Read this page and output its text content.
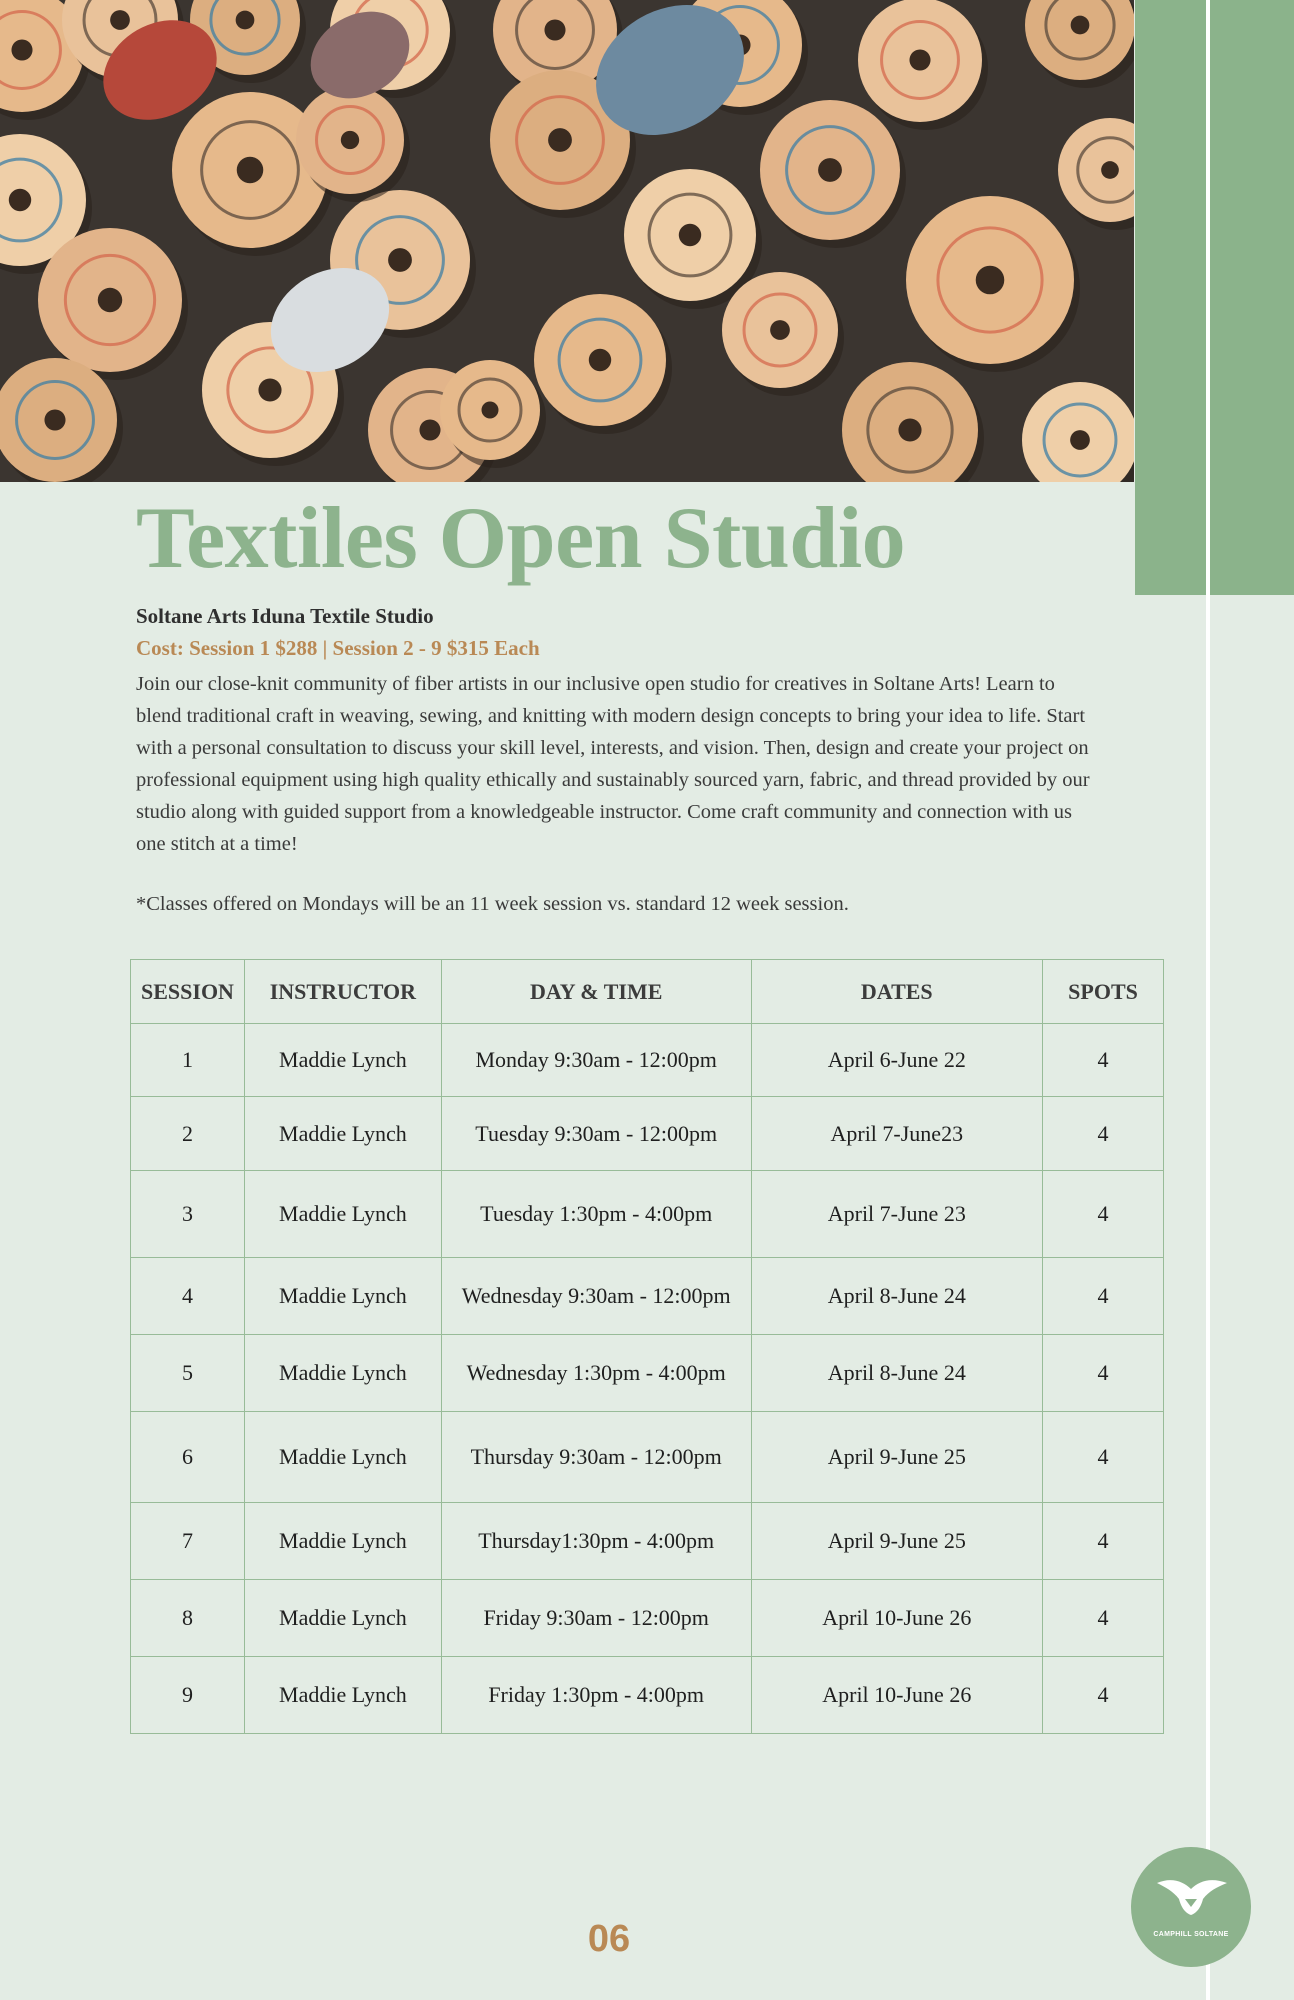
Textiles Open Studio
Soltane Arts Iduna Textile Studio
Cost: Session 1 $288 | Session 2 - 9 $315 Each
Join our close-knit community of fiber artists in our inclusive open studio for creatives in Soltane Arts! Learn to blend traditional craft in weaving, sewing, and knitting with modern design concepts to bring your idea to life. Start with a personal consultation to discuss your skill level, interests, and vision. Then, design and create your project on professional equipment using high quality ethically and sustainably sourced yarn, fabric, and thread provided by our studio along with guided support from a knowledgeable instructor. Come craft community and connection with us one stitch at a time!
*Classes offered on Mondays will be an 11 week session vs. standard 12 week session.
SESSION	INSTRUCTOR	DAY & TIME	DATES	SPOTS
1	Maddie Lynch	Monday 9:30am - 12:00pm	April 6-June 22	4
2	Maddie Lynch	Tuesday 9:30am - 12:00pm	April 7-June23	4
3	Maddie Lynch	Tuesday 1:30pm - 4:00pm	April 7-June 23	4
4	Maddie Lynch	Wednesday 9:30am - 12:00pm	April 8-June 24	4
5	Maddie Lynch	Wednesday 1:30pm - 4:00pm	April 8-June 24	4
6	Maddie Lynch	Thursday 9:30am - 12:00pm	April 9-June 25	4
7	Maddie Lynch	Thursday1:30pm - 4:00pm	April 9-June 25	4
8	Maddie Lynch	Friday 9:30am - 12:00pm	April 10-June 26	4
9	Maddie Lynch	Friday 1:30pm - 4:00pm	April 10-June 26	4
CAMPHILL SOLTANE
06
